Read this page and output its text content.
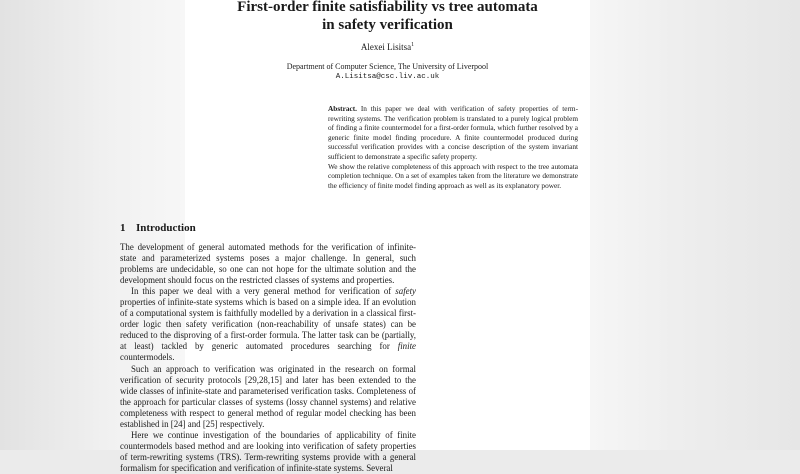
First-order finite satisfiability vs tree automata
in safety verification
Alexei Lisitsa$^1$
Department of Computer Science, The University of Liverpool
A.Lisitsa@csc.liv.ac.uk

Abstract. In this paper we deal with verification of safety properties of term-rewriting systems. The verification problem is translated to a purely logical problem of finding a finite countermodel for a first-order formula, which further resolved by a generic finite model finding procedure. A finite countermodel produced during successful verification provides with a concise description of the system invariant sufficient to demonstrate a specific safety property.

We show the relative completeness of this approach with respect to the tree automata completion technique. On a set of examples taken from the literature we demonstrate the efficiency of finite model finding approach as well as its explanatory power.

1 Introduction

The development of general automated methods for the verification of infinite-state and parameterized systems poses a major challenge. In general, such problems are undecidable, so one can not hope for the ultimate solution and the development should focus on the restricted classes of systems and properties.

In this paper we deal with a very general method for verification of safety properties of infinite-state systems which is based on a simple idea. If an evolution of a computational system is faithfully modelled by a derivation in a classical first-order logic then safety verification (non-reachability of unsafe states) can be reduced to the disproving of a first-order formula. The latter task can be (partially, at least) tackled by generic automated procedures searching for finite countermodels.

Such an approach to verification was originated in the research on formal verification of security protocols [29,28,15] and later has been extended to the wide classes of infinite-state and parameterised verification tasks. Completeness of the approach for particular classes of systems (lossy channel systems) and relative completeness with respect to general method of regular model checking has been established in [24] and [25] respectively.

Here we continue investigation of the boundaries of applicability of finite countermodels based method and are looking into verification of safety properties of term-rewriting systems (TRS). Term-rewriting systems provide with a general formalism for specification and verification of infinite-state systems. Several
